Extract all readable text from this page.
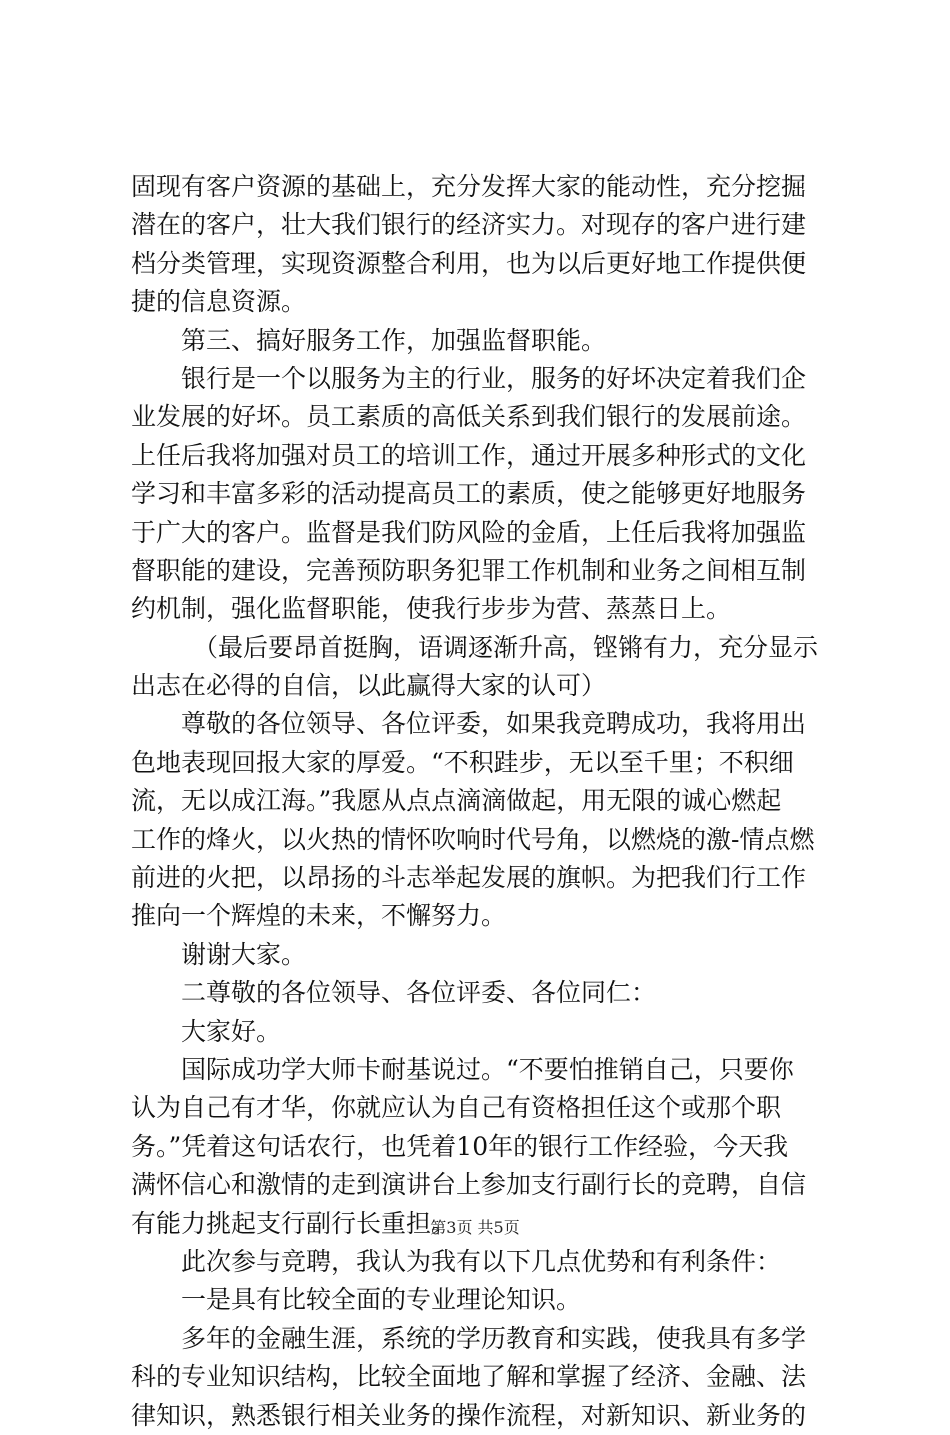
固现有客户资源的基础上，充分发挥大家的能动性，充分挖掘
潜在的客户，壮大我们银行的经济实力。对现存的客户进行建
档分类管理，实现资源整合利用，也为以后更好地工作提供便
捷的信息资源。
第三、搞好服务工作，加强监督职能。
银行是一个以服务为主的行业，服务的好坏决定着我们企
业发展的好坏。员工素质的高低关系到我们银行的发展前途。
上任后我将加强对员工的培训工作，通过开展多种形式的文化
学习和丰富多彩的活动提高员工的素质，使之能够更好地服务
于广大的客户。监督是我们防风险的金盾，上任后我将加强监
督职能的建设，完善预防职务犯罪工作机制和业务之间相互制
约机制，强化监督职能，使我行步步为营、蒸蒸日上。
（最后要昂首挺胸，语调逐渐升高，铿锵有力，充分显示
出志在必得的自信，以此赢得大家的认可）
尊敬的各位领导、各位评委，如果我竞聘成功，我将用出
色地表现回报大家的厚爱。“不积跬步，无以至千里；不积细
流，无以成江海。”我愿从点点滴滴做起，用无限的诚心燃起
工作的烽火，以火热的情怀吹响时代号角，以燃烧的激-情点燃
前进的火把，以昂扬的斗志举起发展的旗帜。为把我们行工作
推向一个辉煌的未来，不懈努力。
谢谢大家。
二尊敬的各位领导、各位评委、各位同仁：
大家好。
国际成功学大师卡耐基说过。“不要怕推销自己，只要你
认为自己有才华，你就应认为自己有资格担任这个或那个职
务。”凭着这句话农行，也凭着10年的银行工作经验，今天我
满怀信心和激情的走到演讲台上参加支行副行长的竞聘，自信
有能力挑起支行副行长重担。
此次参与竞聘，我认为我有以下几点优势和有利条件：
一是具有比较全面的专业理论知识。
多年的金融生涯，系统的学历教育和实践，使我具有多学
科的专业知识结构，比较全面地了解和掌握了经济、金融、法
律知识，熟悉银行相关业务的操作流程，对新知识、新业务的
第3页 共5页
